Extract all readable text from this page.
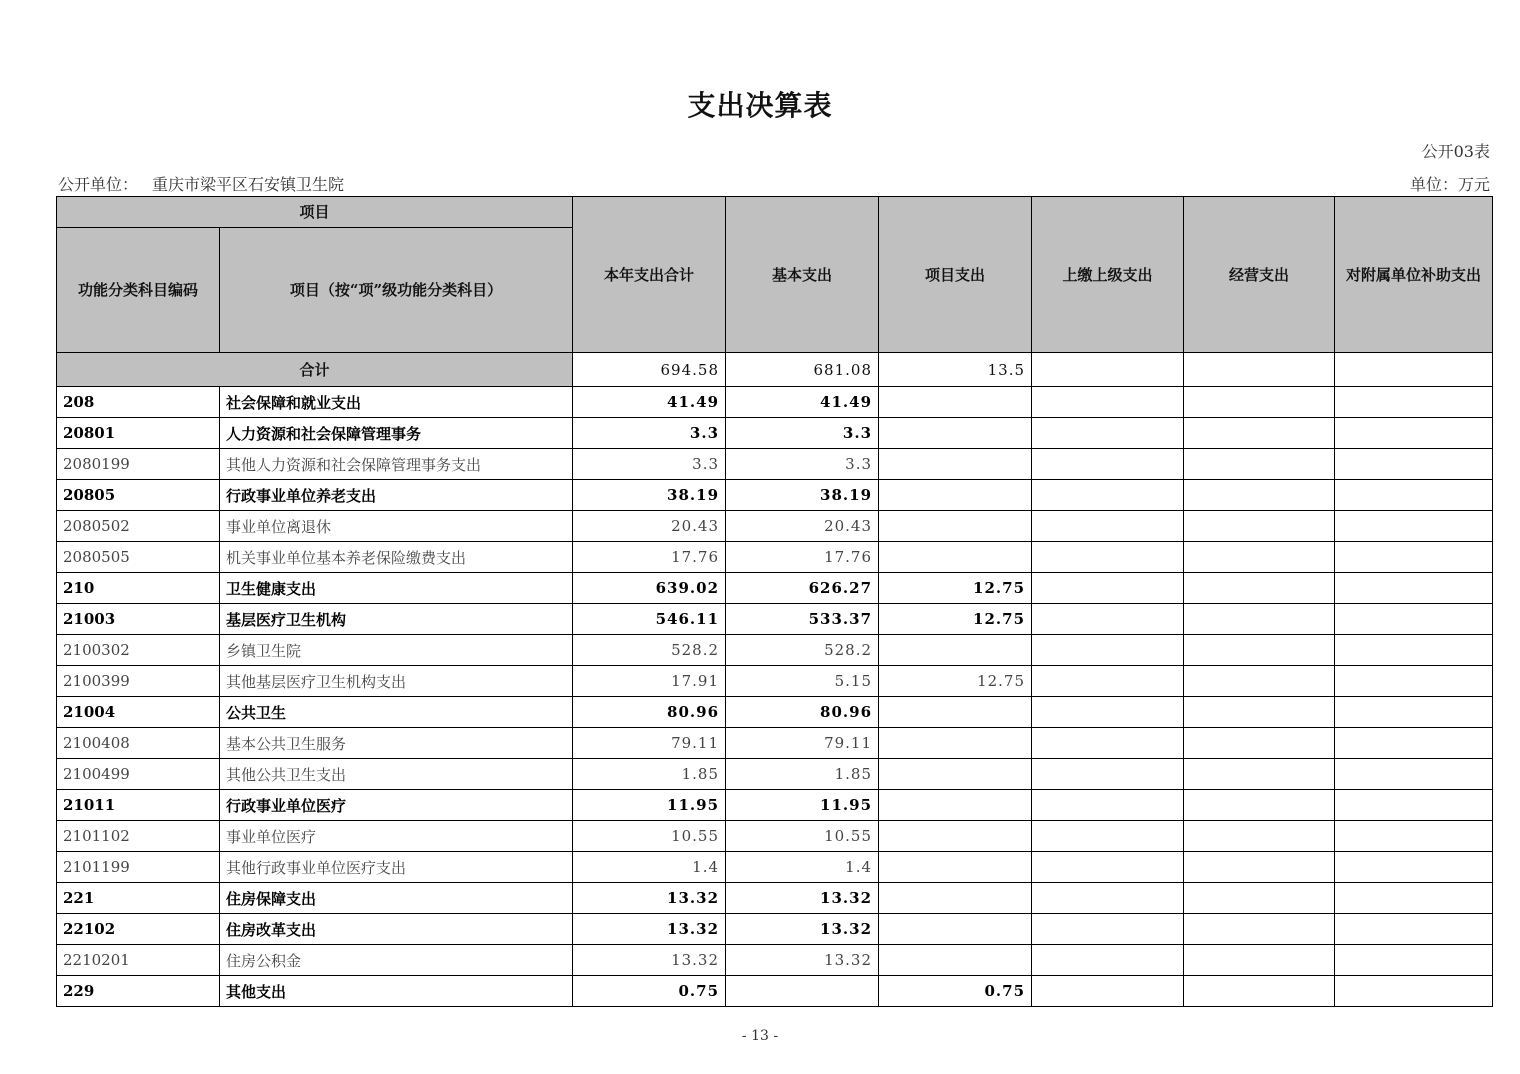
支出决算表
公开03表
公开单位： 重庆市梁平区石安镇卫生院	单位：万元
项目		本年支出合计	基本支出	项目支出	上缴上级支出	经营支出	对附属单位补助支出
功能分类科目编码	项目（按“项”级功能分类科目）						
合计		694.58	681.08	13.5			
208	社会保障和就业支出	41.49	41.49				
20801	人力资源和社会保障管理事务	3.3	3.3				
2080199	其他人力资源和社会保障管理事务支出	3.3	3.3				
20805	行政事业单位养老支出	38.19	38.19				
2080502	事业单位离退休	20.43	20.43				
2080505	机关事业单位基本养老保险缴费支出	17.76	17.76				
210	卫生健康支出	639.02	626.27	12.75			
21003	基层医疗卫生机构	546.11	533.37	12.75			
2100302	乡镇卫生院	528.2	528.2				
2100399	其他基层医疗卫生机构支出	17.91	5.15	12.75			
21004	公共卫生	80.96	80.96				
2100408	基本公共卫生服务	79.11	79.11				
2100499	其他公共卫生支出	1.85	1.85				
21011	行政事业单位医疗	11.95	11.95				
2101102	事业单位医疗	10.55	10.55				
2101199	其他行政事业单位医疗支出	1.4	1.4				
221	住房保障支出	13.32	13.32				
22102	住房改革支出	13.32	13.32				
2210201	住房公积金	13.32	13.32				
229	其他支出	0.75		0.75			
- 13 -
